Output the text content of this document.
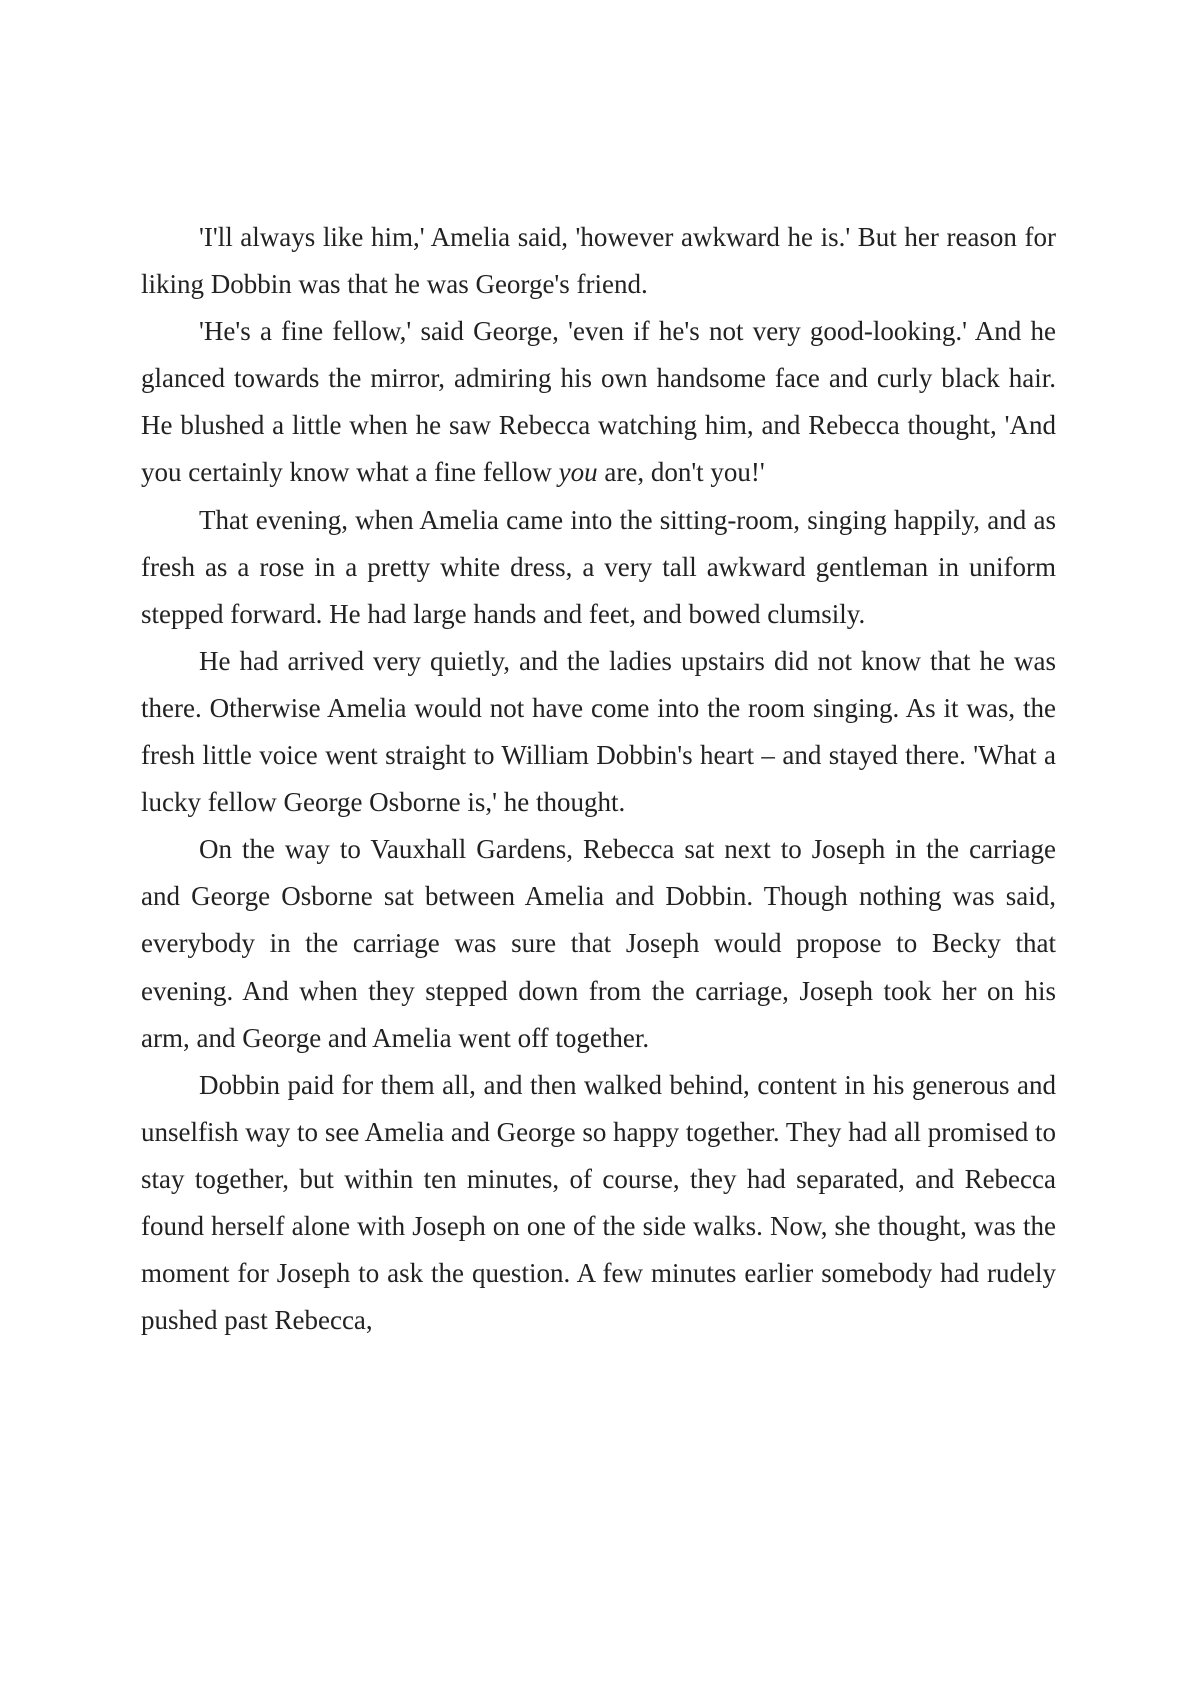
'I'll always like him,' Amelia said, 'however awkward he is.' But her reason for liking Dobbin was that he was George's friend.

'He's a fine fellow,' said George, 'even if he's not very good-looking.' And he glanced towards the mirror, admiring his own handsome face and curly black hair. He blushed a little when he saw Rebecca watching him, and Rebecca thought, 'And you certainly know what a fine fellow you are, don't you!'

That evening, when Amelia came into the sitting-room, singing happily, and as fresh as a rose in a pretty white dress, a very tall awkward gentleman in uniform stepped forward. He had large hands and feet, and bowed clumsily.

He had arrived very quietly, and the ladies upstairs did not know that he was there. Otherwise Amelia would not have come into the room singing. As it was, the fresh little voice went straight to William Dobbin's heart – and stayed there. 'What a lucky fellow George Osborne is,' he thought.

On the way to Vauxhall Gardens, Rebecca sat next to Joseph in the carriage and George Osborne sat between Amelia and Dobbin. Though nothing was said, everybody in the carriage was sure that Joseph would propose to Becky that evening. And when they stepped down from the carriage, Joseph took her on his arm, and George and Amelia went off together.

Dobbin paid for them all, and then walked behind, content in his generous and unselfish way to see Amelia and George so happy together. They had all promised to stay together, but within ten minutes, of course, they had separated, and Rebecca found herself alone with Joseph on one of the side walks. Now, she thought, was the moment for Joseph to ask the question. A few minutes earlier somebody had rudely pushed past Rebecca,
